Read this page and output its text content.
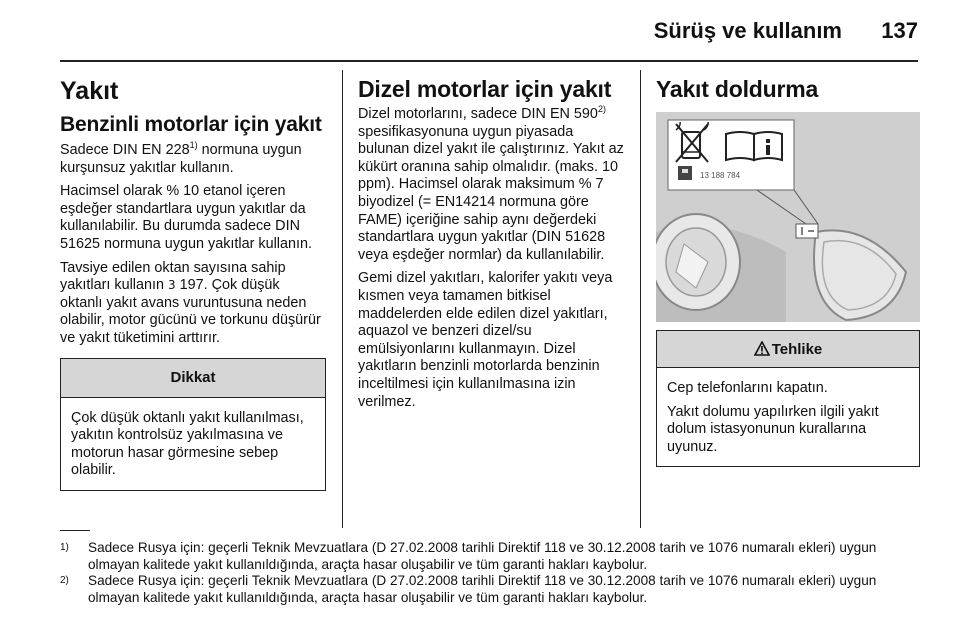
Sürüş ve kullanım 137
Yakıt
Benzinli motorlar için yakıt

Sadece DIN EN 228$^{1)}$ normuna uygun kurşunsuz yakıtlar kullanın.

Hacimsel olarak % 10 etanol içeren eşdeğer standartlara uygun yakıtlar da kullanılabilir. Bu durumda sadece DIN 51625 normuna uygun yakıtlar kullanın.

Tavsiye edilen oktan sayısına sahip yakıtları kullanın 3 197. Çok düşük oktanlı yakıt avans vuruntusuna neden olabilir, motor gücünü ve torkunu düşürür ve yakıt tüketimini arttırır.

Dikkat

Çok düşük oktanlı yakıt kullanılması, yakıtın kontrolsüz yakılmasına ve motorun hasar görmesine sebep olabilir.

Dizel motorlar için yakıt

Dizel motorlarını, sadece DIN EN 590$^{2)}$ spesifikasyonuna uygun piyasada bulunan dizel yakıt ile çalıştırınız. Yakıt az kükürt oranına sahip olmalıdır. (maks. 10 ppm). Hacimsel olarak maksimum % 7 biyodizel (= EN14214 normuna göre FAME) içeriğine sahip aynı değerdeki standartlara uygun yakıtlar (DIN 51628 veya eşdeğer normlar) da kullanılabilir.

Gemi dizel yakıtları, kalorifer yakıtı veya kısmen veya tamamen bitkisel maddelerden elde edilen dizel yakıtları, aquazol ve benzeri dizel/su emülsiyonlarını kullanmayın. Dizel yakıtların benzinli motorlarda benzinin inceltilmesi için kullanılmasına izin verilmez.

Yakıt doldurma
13 188 784
Tehlike

Cep telefonlarını kapatın.

Yakıt dolumu yapılırken ilgili yakıt dolum istasyonunun kurallarına uyunuz.

1) Sadece Rusya için: geçerli Teknik Mevzuatlara (D 27.02.2008 tarihli Direktif 118 ve 30.12.2008 tarih ve 1076 numaralı ekleri) uygun olmayan kalitede yakıt kullanıldığında, araçta hasar oluşabilir ve tüm garanti hakları kaybolur.
2) Sadece Rusya için: geçerli Teknik Mevzuatlara (D 27.02.2008 tarihli Direktif 118 ve 30.12.2008 tarih ve 1076 numaralı ekleri) uygun olmayan kalitede yakıt kullanıldığında, araçta hasar oluşabilir ve tüm garanti hakları kaybolur.
